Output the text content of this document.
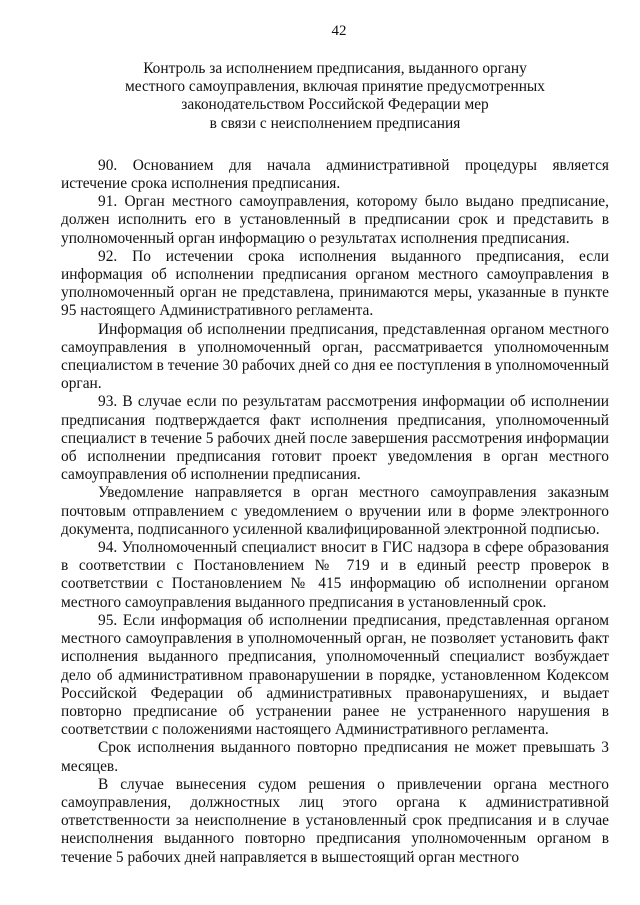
42
Контроль за исполнением предписания, выданного органу
местного самоуправления, включая принятие предусмотренных
законодательством Российской Федерации мер
в связи с неисполнением предписания

90. Основанием для начала административной процедуры является истечение срока исполнения предписания.

91. Орган местного самоуправления, которому было выдано предписание, должен исполнить его в установленный в предписании срок и представить в уполномоченный орган информацию о результатах исполнения предписания.

92. По истечении срока исполнения выданного предписания, если информация об исполнении предписания органом местного самоуправления в уполномоченный орган не представлена, принимаются меры, указанные в пункте 95 настоящего Административного регламента.

Информация об исполнении предписания, представленная органом местного самоуправления в уполномоченный орган, рассматривается уполномоченным специалистом в течение 30 рабочих дней со дня ее поступления в уполномоченный орган.

93. В случае если по результатам рассмотрения информации об исполнении предписания подтверждается факт исполнения предписания, уполномоченный специалист в течение 5 рабочих дней после завершения рассмотрения информации об исполнении предписания готовит проект уведомления в орган местного самоуправления об исполнении предписания.

Уведомление направляется в орган местного самоуправления заказным почтовым отправлением с уведомлением о вручении или в форме электронного документа, подписанного усиленной квалифицированной электронной подписью.

94. Уполномоченный специалист вносит в ГИС надзора в сфере образования в соответствии с Постановлением № 719 и в единый реестр проверок в соответствии с Постановлением № 415 информацию об исполнении органом местного самоуправления выданного предписания в установленный срок.

95. Если информация об исполнении предписания, представленная органом местного самоуправления в уполномоченный орган, не позволяет установить факт исполнения выданного предписания, уполномоченный специалист возбуждает дело об административном правонарушении в порядке, установленном Кодексом Российской Федерации об административных правонарушениях, и выдает повторно предписание об устранении ранее не устраненного нарушения в соответствии с положениями настоящего Административного регламента.

Срок исполнения выданного повторно предписания не может превышать 3 месяцев.

В случае вынесения судом решения о привлечении органа местного самоуправления, должностных лиц этого органа к административной ответственности за неисполнение в установленный срок предписания и в случае неисполнения выданного повторно предписания уполномоченным органом в течение 5 рабочих дней направляется в вышестоящий орган местного
